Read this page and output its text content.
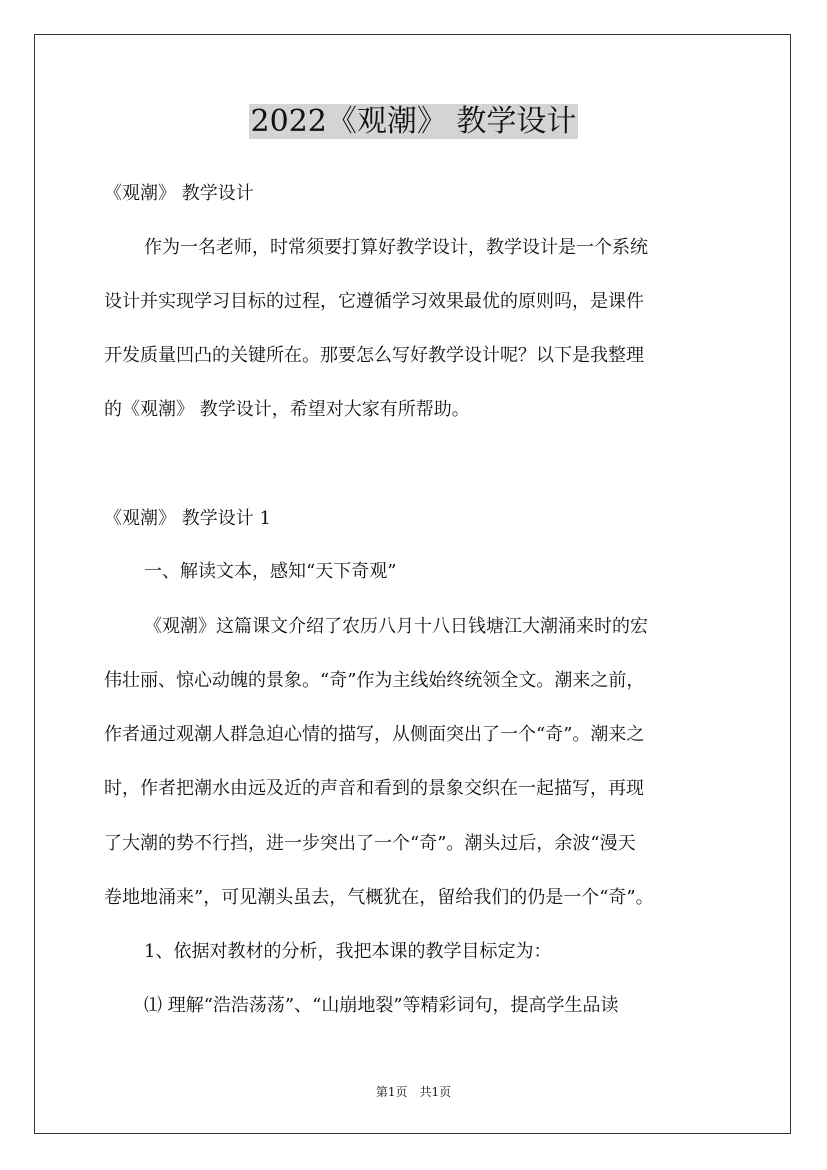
2022《观潮》 教学设计
《观潮》 教学设计
作为一名老师，时常须要打算好教学设计，教学设计是一个系统
设计并实现学习目标的过程，它遵循学习效果最优的原则吗，是课件
开发质量凹凸的关键所在。那要怎么写好教学设计呢？以下是我整理
的《观潮》 教学设计，希望对大家有所帮助。
《观潮》 教学设计 1
一、解读文本，感知“天下奇观”
《观潮》这篇课文介绍了农历八月十八日钱塘江大潮涌来时的宏
伟壮丽、惊心动魄的景象。“奇”作为主线始终统领全文。潮来之前，
作者通过观潮人群急迫心情的描写，从侧面突出了一个“奇”。潮来之
时，作者把潮水由远及近的声音和看到的景象交织在一起描写，再现
了大潮的势不行挡，进一步突出了一个“奇”。潮头过后，余波“漫天
卷地地涌来”，可见潮头虽去，气概犹在，留给我们的仍是一个“奇”。
1、依据对教材的分析，我把本课的教学目标定为：
⑴ 理解“浩浩荡荡”、“山崩地裂”等精彩词句，提高学生品读
第1页　共1页
